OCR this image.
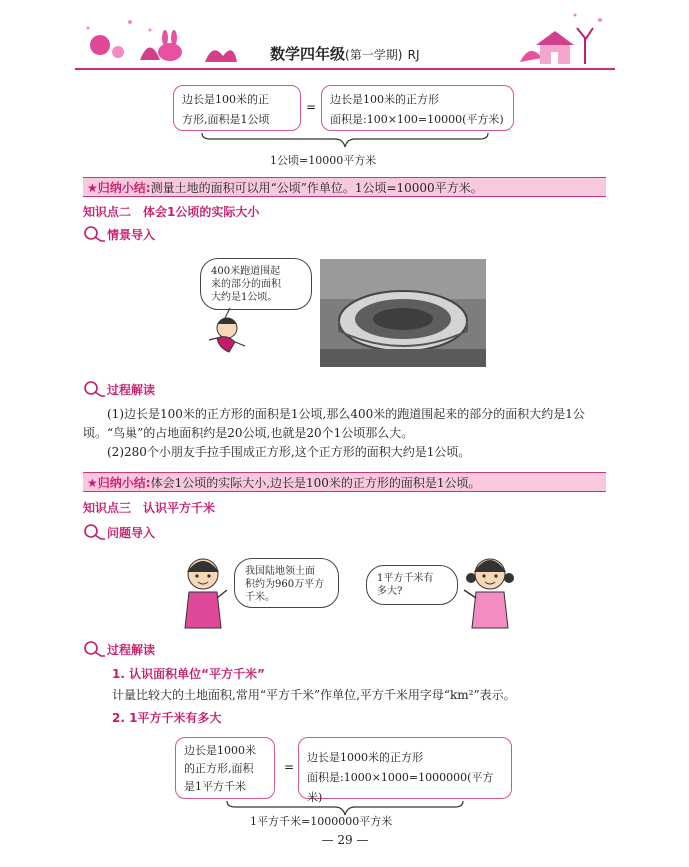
数学四年级(第一学期) RJ
边长是100米的正
方形,面积是1公顷
=
边长是100米的正方形
面积是:100×100=10000(平方米)
1公顷=10000平方米
★归纳小结:测量土地的面积可以用“公顷”作单位。1公顷=10000平方米。
知识点二　体会1公顷的实际大小
情景导入
400米跑道围起
来的部分的面积
大约是1公顷。
过程解读

(1)边长是100米的正方形的面积是1公顷,那么400米的跑道围起来的部分的面积大约是1公顷。“鸟巢”的占地面积约是20公顷,也就是20个1公顷那么大。

(2)280个小朋友手拉手围成正方形,这个正方形的面积大约是1公顷。

★归纳小结:体会1公顷的实际大小,边长是100米的正方形的面积是1公顷。
知识点三　认识平方千米
问题导入
我国陆地领土面
积约为960万平方
千米。
1平方千米有
多大?
过程解读
1. 认识面积单位“平方千米”
计量比较大的土地面积,常用“平方千米”作单位,平方千米用字母“km²”表示。
2. 1平方千米有多大
边长是1000米
的正方形,面积
是1平方千米
=
边长是1000米的正方形
面积是:1000×1000=1000000(平方米)
1平方千米=1000000平方米
— 29 —
